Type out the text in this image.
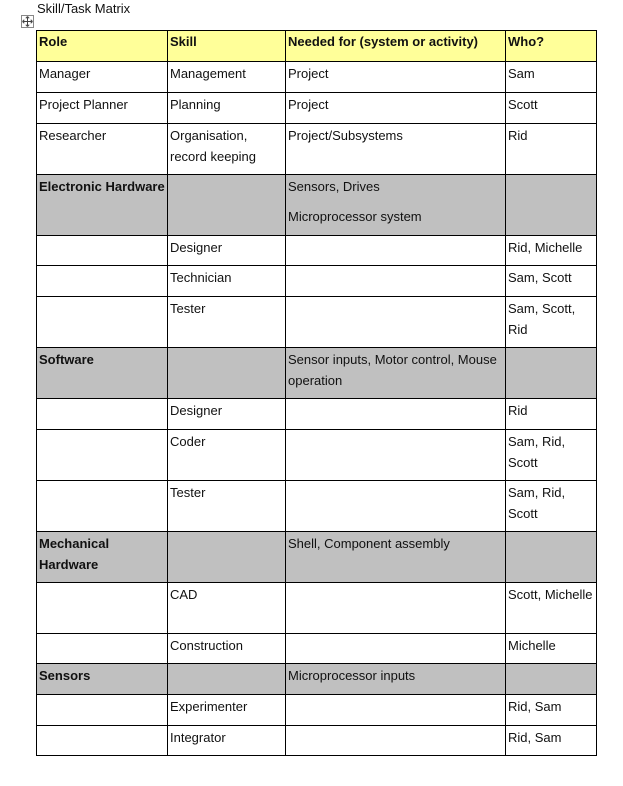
Skill/Task Matrix
Role	Skill	Needed for (system or activity)	Who?
Manager	Management	Project	Sam
Project Planner	Planning	Project	Scott
Researcher	Organisation, record keeping	Project/Subsystems	Rid
Electronic Hardware		Sensors, Drives
Microprocessor system	

	Designer		Rid, Michelle
	Technician		Sam, Scott
	Tester		Sam, Scott, Rid
Software		Sensor inputs, Motor control, Mouse operation	

	Designer		Rid
	Coder		Sam, Rid, Scott
	Tester		Sam, Rid, Scott
Mechanical Hardware		Shell, Component assembly	

	CAD		Scott, Michelle
	Construction		Michelle
Sensors		Microprocessor inputs	

	Experimenter		Rid, Sam
	Integrator		Rid, Sam
